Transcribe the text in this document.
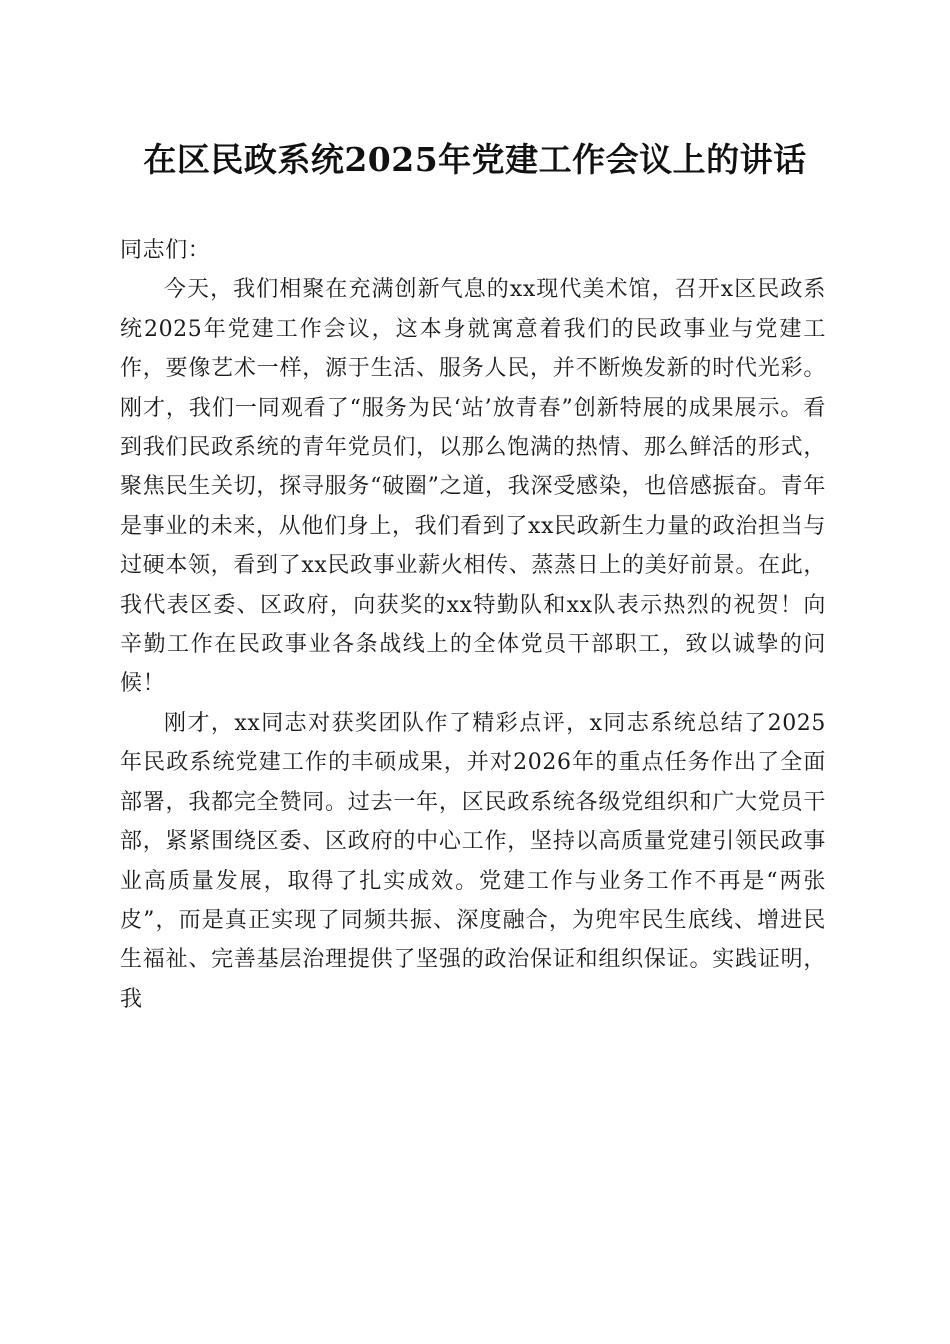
在区民政系统2025年党建工作会议上的讲话

同志们：

今天，我们相聚在充满创新气息的xx现代美术馆，召开x区民政系统2025年党建工作会议，这本身就寓意着我们的民政事业与党建工作，要像艺术一样，源于生活、服务人民，并不断焕发新的时代光彩。刚才，我们一同观看了“服务为民‘站’放青春”创新特展的成果展示。看到我们民政系统的青年党员们，以那么饱满的热情、那么鲜活的形式，聚焦民生关切，探寻服务“破圈”之道，我深受感染，也倍感振奋。青年是事业的未来，从他们身上，我们看到了xx民政新生力量的政治担当与过硬本领，看到了xx民政事业薪火相传、蒸蒸日上的美好前景。在此，我代表区委、区政府，向获奖的xx特勤队和xx队表示热烈的祝贺！向辛勤工作在民政事业各条战线上的全体党员干部职工，致以诚挚的问候！

刚才，xx同志对获奖团队作了精彩点评，x同志系统总结了2025年民政系统党建工作的丰硕成果，并对2026年的重点任务作出了全面部署，我都完全赞同。过去一年，区民政系统各级党组织和广大党员干部，紧紧围绕区委、区政府的中心工作，坚持以高质量党建引领民政事业高质量发展，取得了扎实成效。党建工作与业务工作不再是“两张皮”，而是真正实现了同频共振、深度融合，为兜牢民生底线、增进民生福祉、完善基层治理提供了坚强的政治保证和组织保证。实践证明，我
